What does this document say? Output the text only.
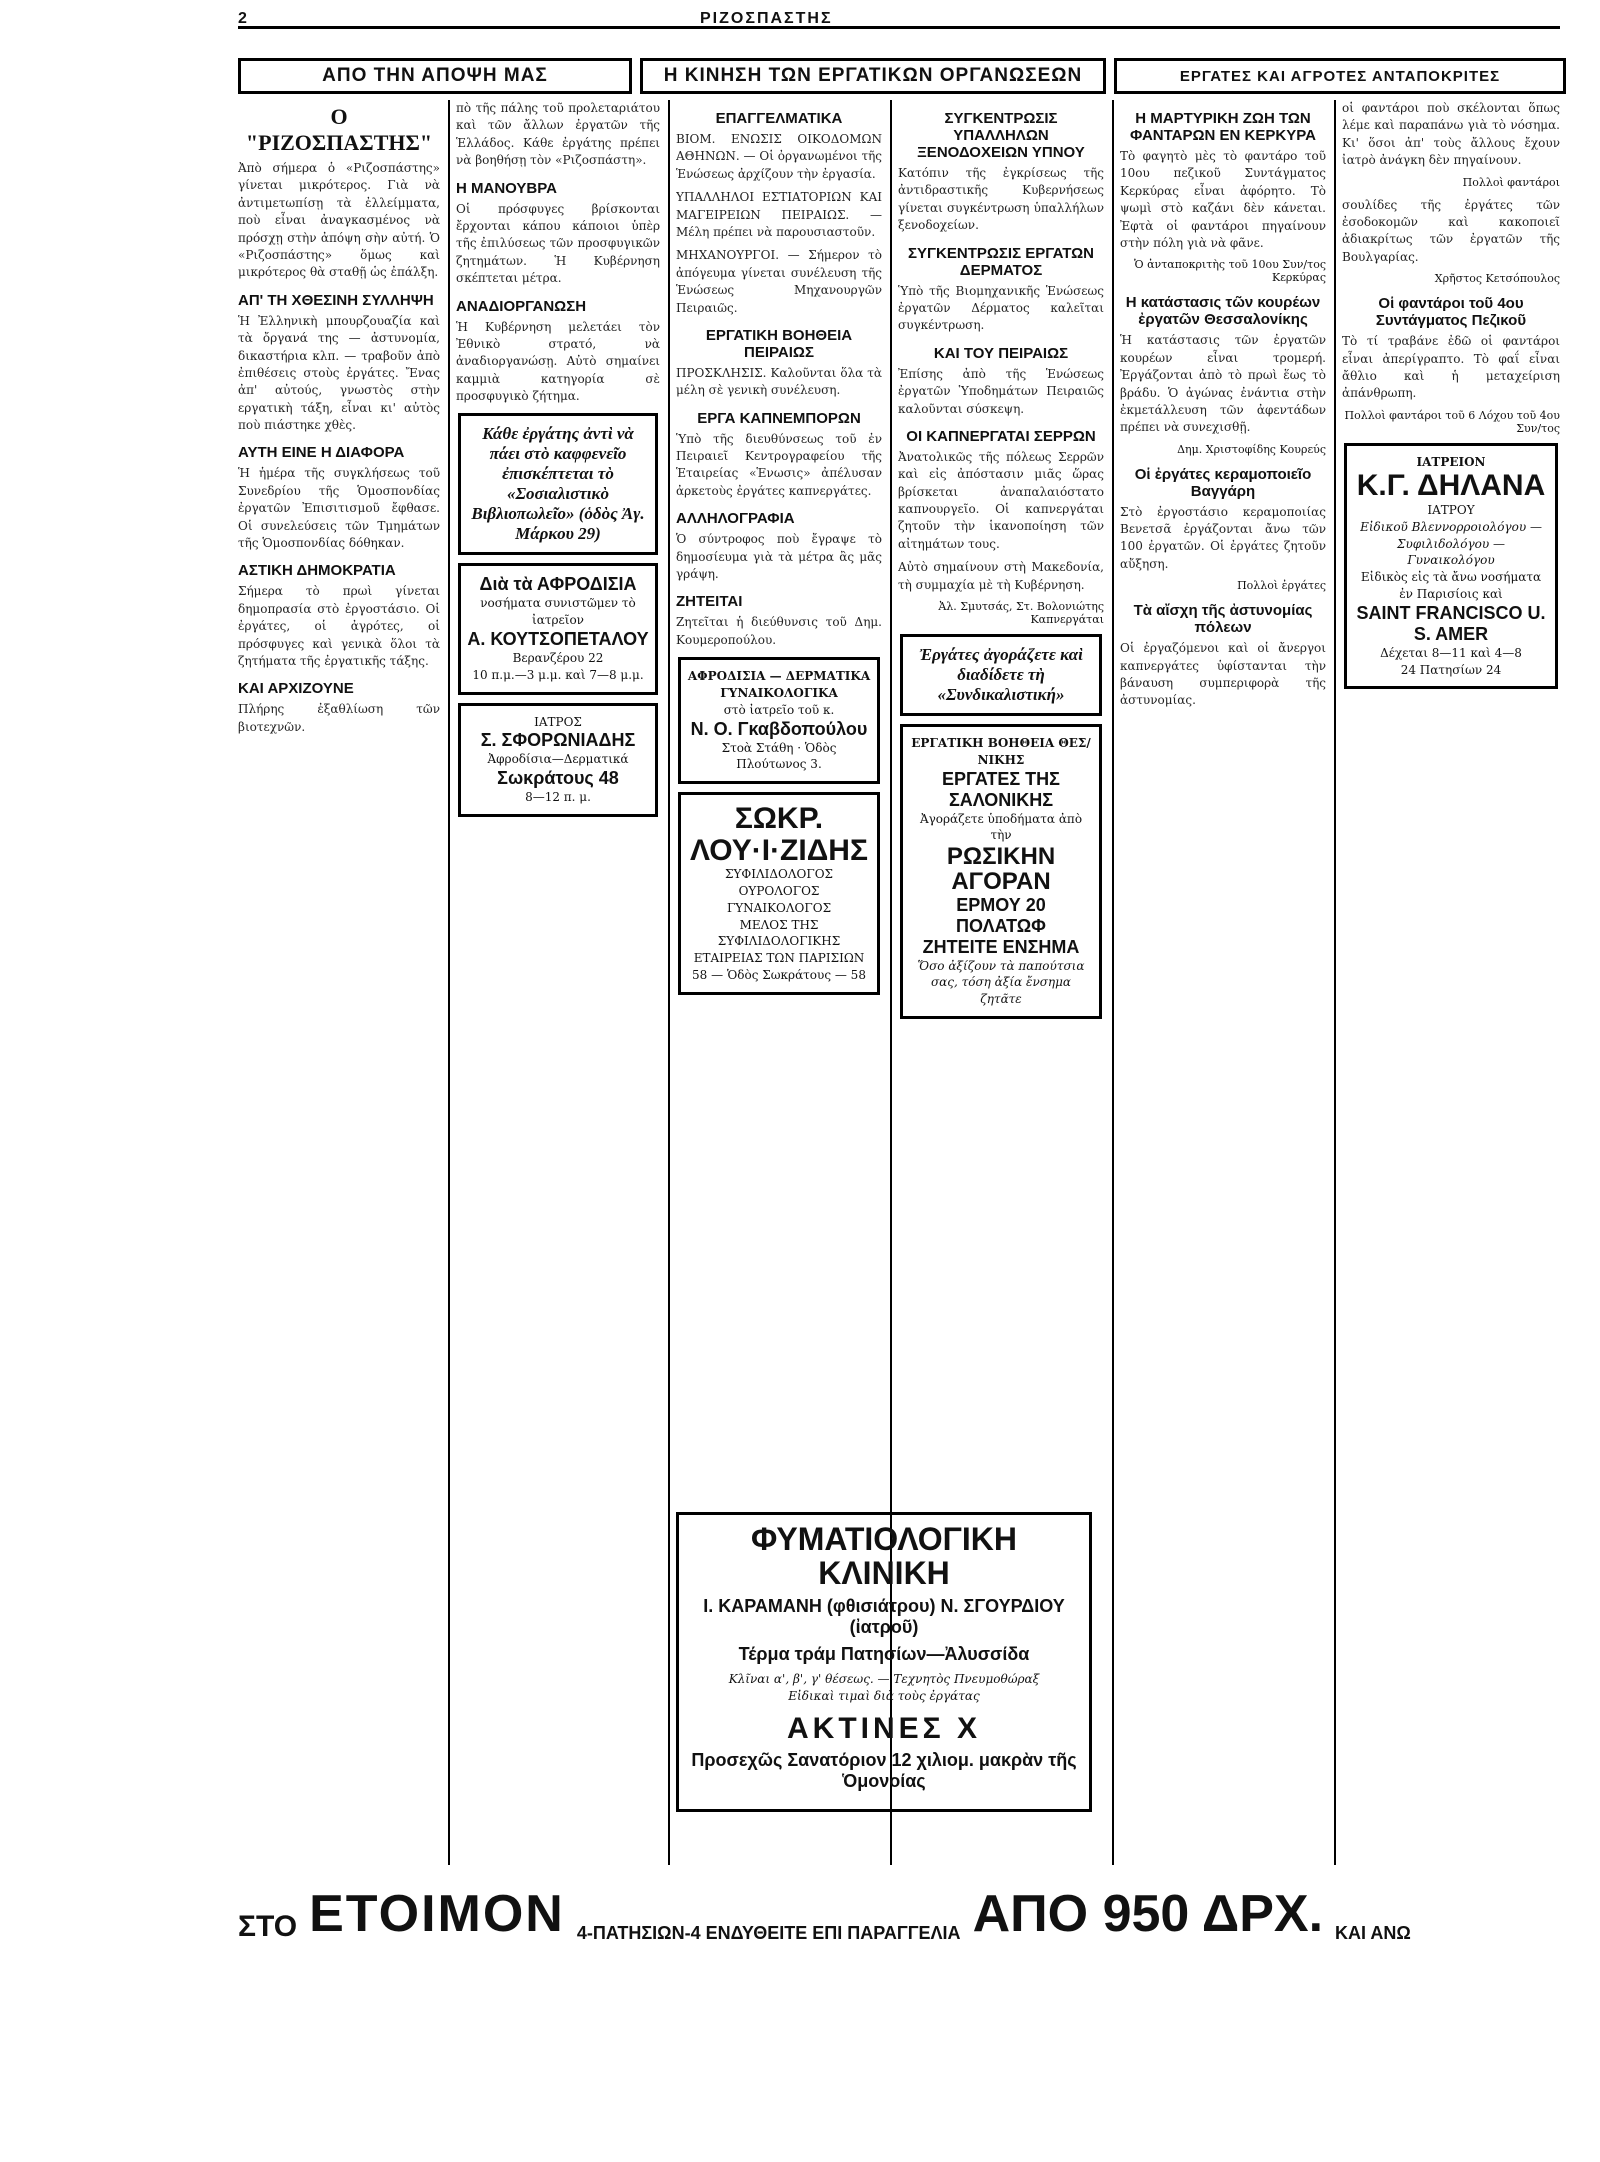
2	ΡΙΖΟΣΠΑΣΤΗΣ
ΑΠΟ ΤΗΝ ΑΠΟΨΗ ΜΑΣ	Η ΚΙΝΗΣΗ ΤΩΝ ΕΡΓΑΤΙΚΩΝ ΟΡΓΑΝΩΣΕΩΝ	ΕΡΓΑΤΕΣ ΚΑΙ ΑΓΡΟΤΕΣ ΑΝΤΑΠΟΚΡΙΤΕΣ
Ο "ΡΙΖΟΣΠΑΣΤΗΣ"

Ἀπὸ σήμερα ὁ «Ριζοσπάστης» γίνεται μικρότερος. Γιὰ νὰ ἀντιμετωπίσῃ τὰ ἐλλείμματα, ποὺ εἶναι ἀναγκασμένος νὰ πρόσχῃ στὴν ἀπόψη σὴν αὐτή. Ὁ «Ριζοσπάστης» ὅμως καὶ μικρότερος θὰ σταθῇ ὡς ἐπάλξη.

ΑΠ' ΤΗ ΧΘΕΣΙΝΗ ΣΥΛΛΗΨΗ

Ἡ Ἐλληνικὴ μπουρζουαζία καὶ τὰ ὄργανά της — ἀστυνομία, δικαστήρια κλπ. — τραβοῦν ἀπὸ ἐπιθέσεις στοὺς ἐργάτες. Ἔνας ἀπ' αὐτούς, γνωστὸς στὴν εργατικὴ τάξη, εἶναι κι' αὐτὸς ποὺ πιάστηκε χθὲς.

ΑΥΤΗ ΕΙΝΕ Η ΔΙΑΦΟΡΑ

Ἡ ἡμέρα τῆς συγκλήσεως τοῦ Συνεδρίου τῆς Ὁμοσπονδίας ἐργατῶν Ἐπισιτισμοῦ ἔφθασε. Οἱ συνελεύσεις τῶν Τμημάτων τῆς Ὁμοσπονδίας δόθηκαν.

ΑΣΤΙΚΗ ΔΗΜΟΚΡΑΤΙΑ

Σήμερα τὸ πρωὶ γίνεται δημοπρασία στὸ ἐργοστάσιο. Οἱ ἐργάτες, οἱ ἀγρότες, οἱ πρόσφυγες καὶ γενικὰ ὅλοι τὰ ζητήματα τῆς ἐργατικῆς τάξης.

ΚΑΙ ΑΡΧΙΖΟΥΝΕ

Πλήρης ἐξαθλίωση τῶν βιοτεχνῶν.

πὸ τῆς πάλης τοῦ προλεταριάτου καὶ τῶν ἄλλων ἐργατῶν τῆς Ἑλλάδος. Κάθε ἐργάτης πρέπει νὰ βοηθήσῃ τὸν «Ριζοσπάστη».

Η ΜΑΝΟΥΒΡΑ

Οἱ πρόσφυγες βρίσκονται ἔρχονται κάπου κάποιοι ὑπὲρ τῆς ἐπιλύσεως τῶν προσφυγικῶν ζητημάτων. Ἡ Κυβέρνηση σκέπτεται μέτρα.

ΑΝΑΔΙΟΡΓΑΝΩΣΗ

Ἡ Κυβέρνηση μελετάει τὸν Ἐθνικὸ στρατό, νὰ ἀναδιοργανώσῃ. Αὐτὸ σημαίνει καμμιὰ κατηγορία σὲ προσφυγικὸ ζήτημα.

Κάθε ἐργάτης ἀντὶ νὰ πάει στὸ καφφενεῖο ἐπισκέπτεται τὸ «Σοσιαλιστικὸ Βιβλιοπωλεῖο» (ὁδὸς Ἀγ. Μάρκου 29)
Διὰ τὰ ΑΦΡΟΔΙΣΙΑ
νοσήματα συνιστῶμεν τὸ ἰατρεῖον
Α. ΚΟΥΤΣΟΠΕΤΑΛΟΥ
Βερανζέρου 22
10 π.μ.—3 μ.μ. καὶ 7—8 μ.μ.
ΙΑΤΡΟΣ
Σ. ΣΦΟΡΩΝΙΑΔΗΣ
Ἀφροδίσια—Δερματικά
Σωκράτους 48
8—12 π. μ.
ΕΠΑΓΓΕΛΜΑΤΙΚΑ

ΒΙΟΜ. ΕΝΩΣΙΣ ΟΙΚΟΔΟΜΩΝ ΑΘΗΝΩΝ. — Οἱ ὀργανωμένοι τῆς Ἑνώσεως ἀρχίζουν τὴν ἐργασία.

ΥΠΑΛΛΗΛΟΙ ΕΣΤΙΑΤΟΡΙΩΝ ΚΑΙ ΜΑΓΕΙΡΕΙΩΝ ΠΕΙΡΑΙΩΣ. — Μέλη πρέπει νὰ παρουσιαστοῦν.

ΜΗΧΑΝΟΥΡΓΟΙ. — Σήμερον τὸ ἀπόγευμα γίνεται συνέλευση τῆς Ἑνώσεως Μηχανουργῶν Πειραιῶς.

ΕΡΓΑΤΙΚΗ ΒΟΗΘΕΙΑ ΠΕΙΡΑΙΩΣ

ΠΡΟΣΚΛΗΣΙΣ. Καλοῦνται ὅλα τὰ μέλη σὲ γενικὴ συνέλευση.

ΕΡΓΑ ΚΑΠΝΕΜΠΟΡΩΝ

Ὑπὸ τῆς διευθύνσεως τοῦ ἐν Πειραιεῖ Κεντρογραφείου τῆς Ἑταιρείας «Ἑνωσις» ἀπέλυσαν ἀρκετοὺς ἐργάτες καπνεργάτες.

ΑΛΛΗΛΟΓΡΑΦΙΑ

Ὁ σύντροφος ποὺ ἔγραψε τὸ δημοσίευμα γιὰ τὰ μέτρα ἂς μᾶς γράψη.

ΖΗΤΕΙΤΑΙ

Ζητεῖται ἡ διεύθυνσις τοῦ Δημ. Κουμεροπούλου.

ΑΦΡΟΔΙΣΙΑ — ΔΕΡΜΑΤΙΚΑ ΓΥΝΑΙΚΟΛΟΓΙΚΑ
στὸ ἰατρεῖο τοῦ κ.
Ν. Ο. Γκαβδοπούλου
Στοὰ Στάθη · Ὁδὸς Πλούτωνος 3.
ΣΩΚΡ. ΛΟΥ·Ι·ΖΙΔΗΣ
ΣΥΦΙΛΙΔΟΛΟΓΟΣ ΟΥΡΟΛΟΓΟΣ ΓΥΝΑΙΚΟΛΟΓΟΣ
ΜΕΛΟΣ ΤΗΣ ΣΥΦΙΛΙΔΟΛΟΓΙΚΗΣ ΕΤΑΙΡΕΙΑΣ ΤΩΝ ΠΑΡΙΣΙΩΝ
58 — Ὁδὸς Σωκράτους — 58
ΣΥΓΚΕΝΤΡΩΣΙΣ ΥΠΑΛΛΗΛΩΝ ΞΕΝΟΔΟΧΕΙΩΝ ΥΠΝΟΥ

Κατόπιν τῆς ἐγκρίσεως τῆς ἀντιδραστικῆς Κυβερνήσεως γίνεται συγκέντρωση ὑπαλλήλων ξενοδοχείων.

ΣΥΓΚΕΝΤΡΩΣΙΣ ΕΡΓΑΤΩΝ ΔΕΡΜΑΤΟΣ

Ὑπὸ τῆς Βιομηχανικῆς Ἑνώσεως ἐργατῶν Δέρματος καλεῖται συγκέντρωση.

ΚΑΙ ΤΟΥ ΠΕΙΡΑΙΩΣ

Ἐπίσης ἀπὸ τῆς Ἑνώσεως ἐργατῶν Ὑποδημάτων Πειραιῶς καλοῦνται σύσκεψη.

ΟΙ ΚΑΠΝΕΡΓΑΤΑΙ ΣΕΡΡΩΝ

Ἀνατολικῶς τῆς πόλεως Σερρῶν καὶ εἰς ἀπόστασιν μιᾶς ὥρας βρίσκεται ἀναπαλαιόστατο καπνουργεῖο. Οἱ καπνεργάται ζητοῦν τὴν ἱκανοποίηση τῶν αἰτημάτων τους.

Αὐτὸ σημαίνουν στὴ Μακεδονία, τὴ συμμαχία μὲ τὴ Κυβέρνηση.

Ἀλ. Σμυτσάς, Στ. Βολονιώτης Καπνεργάται
Ἐργάτες ἀγοράζετε καὶ διαδίδετε τὴ «Συνδικαλιστική»
ΕΡΓΑΤΙΚΗ ΒΟΗΘΕΙΑ ΘΕΣ/ΝΙΚΗΣ
ΕΡΓΑΤΕΣ ΤΗΣ ΣΑΛΟΝΙΚΗΣ
Ἀγοράζετε ὑποδήματα ἀπὸ τὴν
ΡΩΣΙΚΗΝ ΑΓΟΡΑΝ
ΕΡΜΟΥ 20
ΠΟΛΑΤΩΦ
ΖΗΤΕΙΤΕ ΕΝΣΗΜΑ
Ὅσο ἀξίζουν τὰ παπούτσια σας, τόση ἀξία ἔνσημα ζητᾶτε
ΦΥΜΑΤΙΟΛΟΓΙΚΗ ΚΛΙΝΙΚΗ
Ι. ΚΑΡΑΜΑΝΗ (φθισιάτρου) Ν. ΣΓΟΥΡΔΙΟΥ (ἰατροῦ)
Τέρμα τράμ Πατησίων—Ἀλυσσίδα
Κλῖναι α', β', γ' θέσεως. — Τεχνητὸς Πνευμοθώραξ
Εἰδικαὶ τιμαὶ διὰ τοὺς ἐργάτας
ΑΚΤΙΝΕΣ Χ
Προσεχῶς Σανατόριον 12 χιλιομ. μακρὰν τῆς Ὁμονοίας
Η ΜΑΡΤΥΡΙΚΗ ΖΩΗ ΤΩΝ ΦΑΝΤΑΡΩΝ ΕΝ ΚΕΡΚΥΡΑ

Τὸ φαγητὸ μὲς τὸ φαντάρο τοῦ 10ου πεζικοῦ Συντάγματος Κερκύρας εἶναι ἀφόρητο. Τὸ ψωμὶ στὸ καζάνι δὲν κάνεται. Ἐφτὰ οἱ φαντάροι πηγαίνουν στὴν πόλη γιὰ νὰ φᾶνε.

Ὁ ἀνταποκριτὴς τοῦ 10ου Συν/τος Κερκύρας
Η κατάστασις τῶν κουρέων ἐργατῶν Θεσσαλονίκης

Ἡ κατάστασις τῶν ἐργατῶν κουρέων εἶναι τρομερή. Ἐργάζονται ἀπὸ τὸ πρωὶ ἕως τὸ βράδυ. Ὁ ἀγώνας ἐνάντια στὴν ἐκμετάλλευση τῶν ἀφεντάδων πρέπει νὰ συνεχισθῇ.

Δημ. Χριστοφίδης Κουρεύς
Οἱ ἐργάτες κεραμοποιεῖο Βαγγάρη

Στὸ ἐργοστάσιο κεραμοποιίας Βενετσᾶ ἐργάζονται ἄνω τῶν 100 ἐργατῶν. Οἱ ἐργάτες ζητοῦν αὔξηση.

Πολλοὶ ἐργάτες
Τὰ αἴσχη τῆς ἀστυνομίας πόλεων

Οἱ ἐργαζόμενοι καὶ οἱ ἄνεργοι καπνεργάτες ὑφίστανται τὴν βάναυση συμπεριφορὰ τῆς ἀστυνομίας.

οἱ φαντάροι ποὺ σκέλονται ὅπως λέμε καὶ παραπάνω γιὰ τὸ νόσημα. Κι' ὅσοι ἀπ' τοὺς ἄλλους ἔχουν ἰατρὸ ἀνάγκη δὲν πηγαίνουν.

Πολλοὶ φαντάροι

σουλίδες τῆς ἐργάτες τῶν ἐσοδοκομῶν καὶ κακοποιεῖ ἀδιακρίτως τῶν ἐργατῶν τῆς Βουλγαρίας.

Χρῆστος Κετσόπουλος
Οἱ φαντάροι τοῦ 4ου Συντάγματος Πεζικοῦ

Τὸ τί τραβάνε ἐδῶ οἱ φαντάροι εἶναι ἀπερίγραπτο. Τὸ φαΐ εἶναι ἄθλιο καὶ ἡ μεταχείριση ἀπάνθρωπη.

Πολλοὶ φαντάροι τοῦ 6 Λόχου τοῦ 4ου Συν/τος
ΙΑΤΡΕΙΟΝ
Κ.Γ. ΔΗΛΑΝΑ
ΙΑΤΡΟΥ
Εἰδικοῦ Βλεννορροιολόγου — Συφιλιδολόγου — Γυναικολόγου
Εἰδικὸς εἰς τὰ ἄνω νοσήματα ἐν Παρισίοις καὶ
SAINT FRANCISCO U. S. AMER
Δέχεται 8—11 καὶ 4—8
24 Πατησίων 24
ΣΤΟ ΕΤΟΙΜΟΝ 4-ΠΑΤΗΣΙΩΝ-4 ΕΝΔΥΘΕΙΤΕ ΕΠΙ ΠΑΡΑΓΓΕΛΙΑ ΑΠΟ 950 ΔΡΧ. ΚΑΙ ΑΝΩ
